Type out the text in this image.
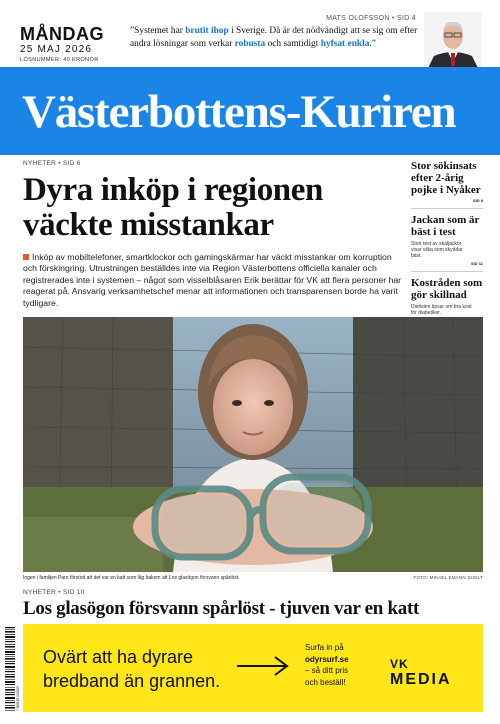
MÅNDAG
25 MAJ 2026
LÖSNUMMER: 40 KRONOR
MATS OLOFSSON • SID 4
”Systemet har brutit ihop i Sverige. Då är det nödvändigt att se sig om efter andra lösningar som verkar robusta och samtidigt hyfsat enkla.”
Västerbottens-Kuriren
NYHETER • SID 6
Dyra inköp i regionen
väckte misstankar

Inköp av mobiltelefoner, smartklockor och gamingskärmar har väckt misstankar om korruption och förskingring. Utrustningen beställdes inte via Region Västerbottens officiella kanaler och registrerades inte i systemen – något som visselblåsaren Erik berättar för VK att flera personer har reagerat på. Ansvarig verksamhetschef menar att informationen och transparensen borde ha varit tydligare.

Stor sökinsats efter 2-årig pojke i Nyåker
SID 8
Jackan som är bäst i test

Stort test av skaljackor visar vilka som skyddar bäst.

SID 11
Kostråden som gör skillnad

Dietisten tipsar om bra kost för diabetiker.

Ingen i familjen Paro förstod att det var en katt som låg bakom att Los glasögon försvann spårlöst.	FOTO: MIKAEL EMANN SHOLT
NYHETER • SID 10
Los glasögon försvann spårlöst - tjuven var en katt
Ovärt att ha dyrare
bredband än grannen.
Surfa in på
odyrsurf.se
– så ditt pris
och beställ!
VK
MEDIA
7 388156 904003
